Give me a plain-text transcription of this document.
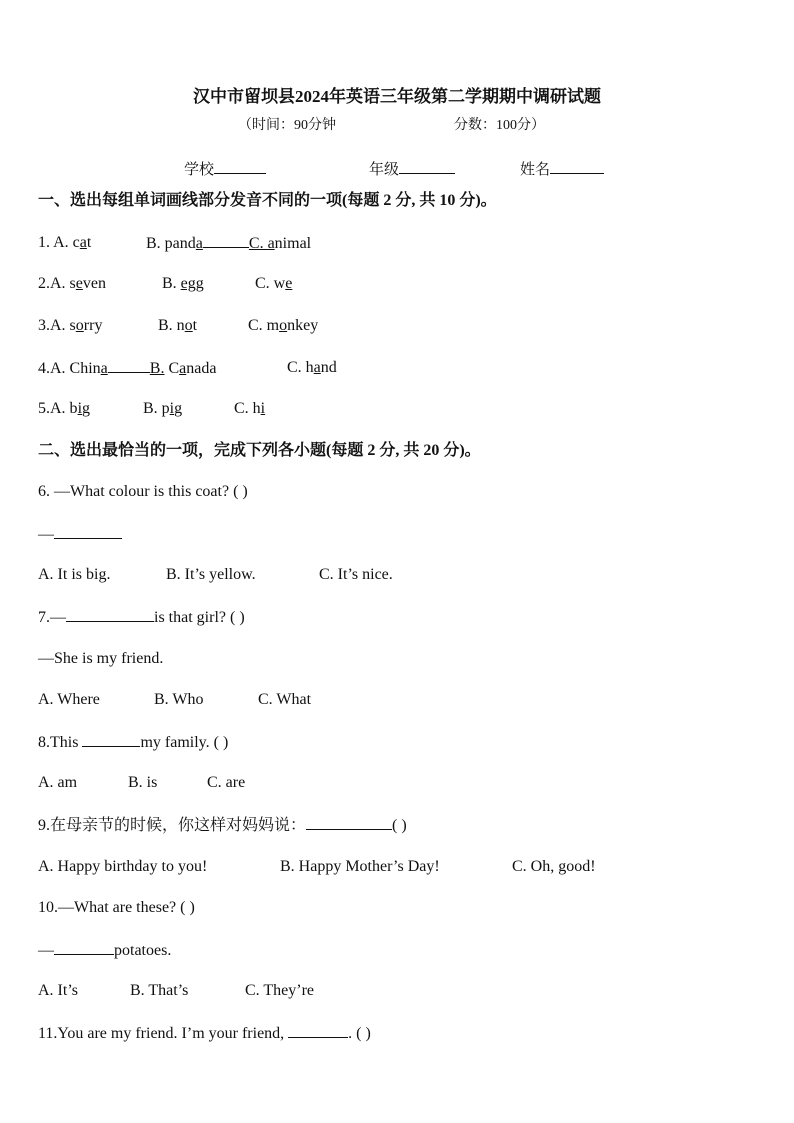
汉中市留坝县2024年英语三年级第二学期期中调研试题
（时间：90分钟	分数：100分）
学校	年级	姓名
一、选出每组单词画线部分发音不同的一项(每题 2 分, 共 10 分)。
1. A. cat	B. panda	C. animal
2.A. seven	B. egg	C. we
3.A. sorry	B. not	C. monkey
4.A. China	B. Canada	C. hand
5.A. big	B. pig	C. hi
二、选出最恰当的一项，完成下列各小题(每题 2 分, 共 20 分)。
6. —What colour is this coat? ( )
—
A. It is big.	B. It’s yellow.	C. It’s nice.
7.—	is that girl? ( )
—She is my friend.
A. Where	B. Who	C. What
8.This	my family. ( )
A. am	B. is	C. are
9.在母亲节的时候，你这样对妈妈说：	( )
A. Happy birthday to you!	B. Happy Mother’s Day!	C. Oh, good!
10.—What are these? ( )
—	potatoes.
A. It’s	B. That’s	C. They’re
11.You are my friend. I’m your friend,	. ( )
